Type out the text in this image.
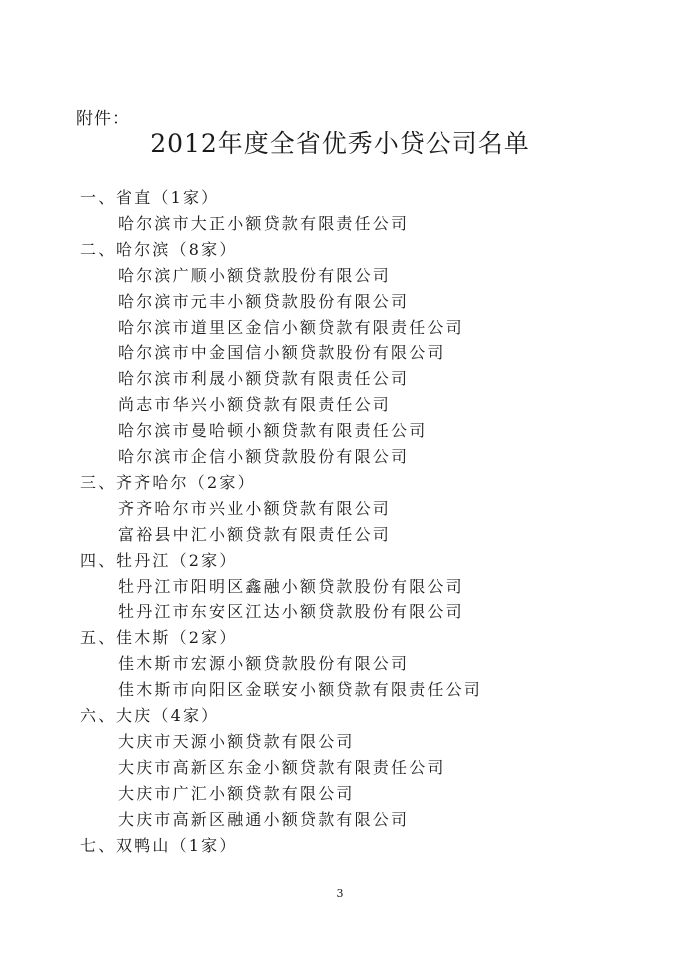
附件：
2012年度全省优秀小贷公司名单
一、省直（1家）
哈尔滨市大正小额贷款有限责任公司
二、哈尔滨（8家）
哈尔滨广顺小额贷款股份有限公司
哈尔滨市元丰小额贷款股份有限公司
哈尔滨市道里区金信小额贷款有限责任公司
哈尔滨市中金国信小额贷款股份有限公司
哈尔滨市利晟小额贷款有限责任公司
尚志市华兴小额贷款有限责任公司
哈尔滨市曼哈顿小额贷款有限责任公司
哈尔滨市企信小额贷款股份有限公司
三、齐齐哈尔（2家）
齐齐哈尔市兴业小额贷款有限公司
富裕县中汇小额贷款有限责任公司
四、牡丹江（2家）
牡丹江市阳明区鑫融小额贷款股份有限公司
牡丹江市东安区江达小额贷款股份有限公司
五、佳木斯（2家）
佳木斯市宏源小额贷款股份有限公司
佳木斯市向阳区金联安小额贷款有限责任公司
六、大庆（4家）
大庆市天源小额贷款有限公司
大庆市高新区东金小额贷款有限责任公司
大庆市广汇小额贷款有限公司
大庆市高新区融通小额贷款有限公司
七、双鸭山（1家）
3
